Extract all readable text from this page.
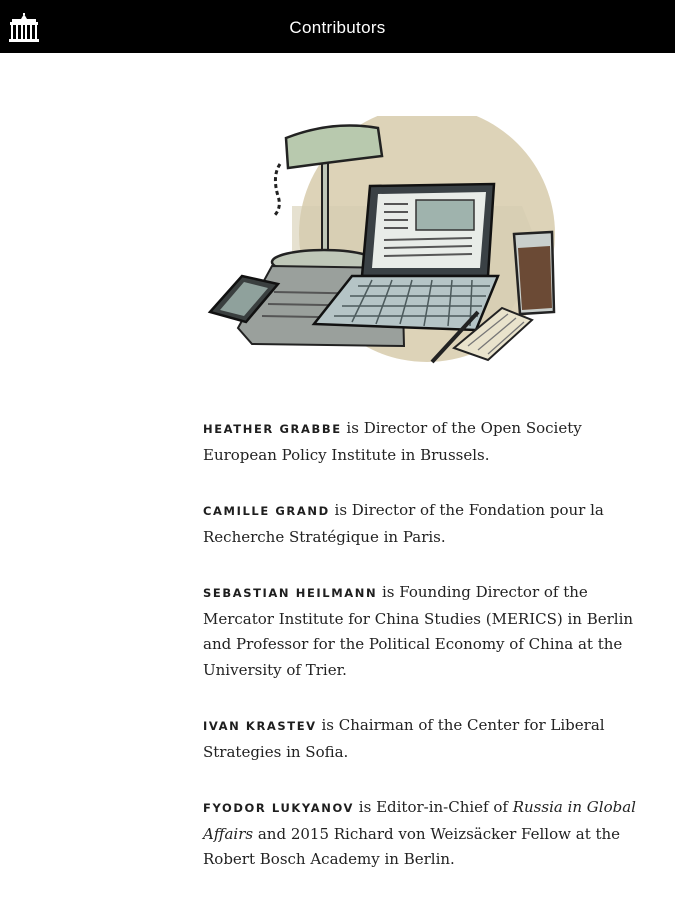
Contributors
HEATHER GRABBE is Director of the Open Society European Policy Institute in Brussels.
CAMILLE GRAND is Director of the Fondation pour la Recherche Stratégique in Paris.
SEBASTIAN HEILMANN is Founding Director of the Mercator Institute for China Studies (MERICS) in Berlin and Professor for the Political Economy of China at the University of Trier.
IVAN KRASTEV is Chairman of the Center for Liberal Strategies in Sofia.
FYODOR LUKYANOV is Editor-in-Chief of Russia in Global Affairs and 2015 Richard von Weizsäcker Fellow at the Robert Bosch Academy in Berlin.
